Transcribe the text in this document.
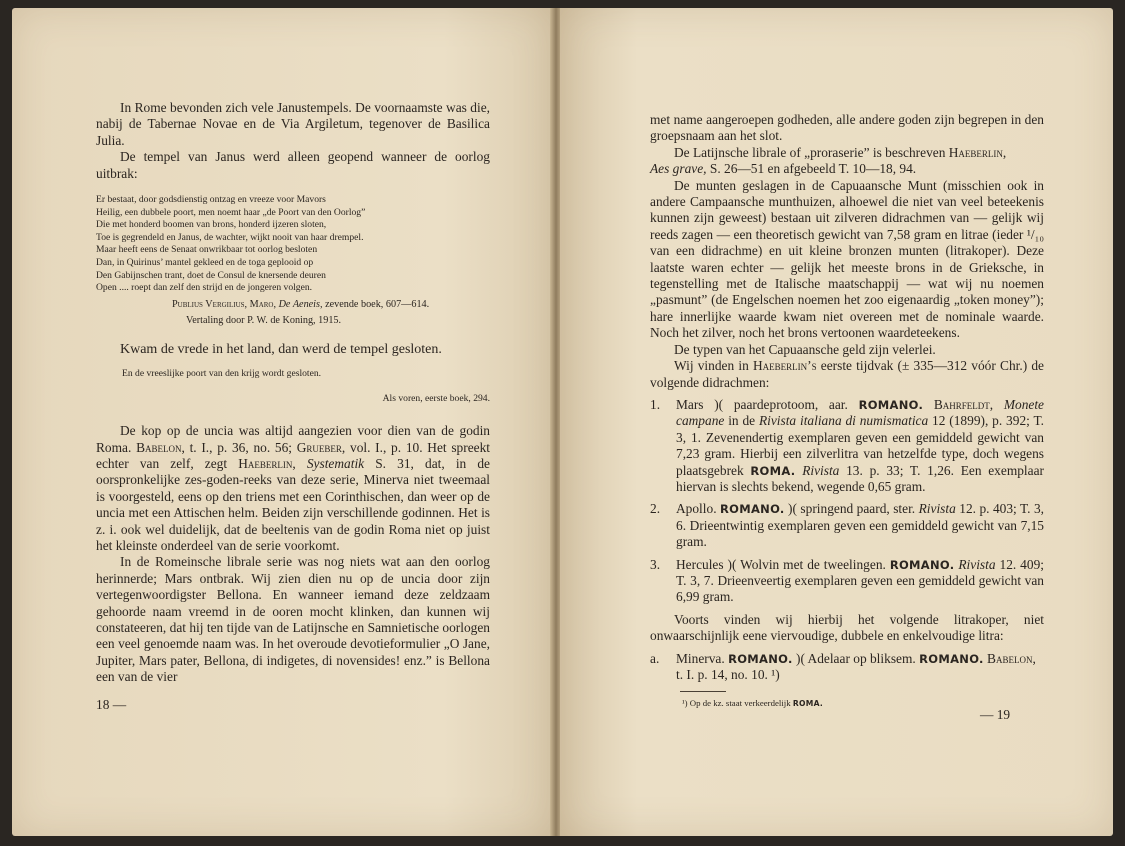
In Rome bevonden zich vele Janustempels. De voornaamste was die, nabij de Tabernae Novae en de Via Argiletum, tegenover de Basilica Julia.

De tempel van Janus werd alleen geopend wanneer de oorlog uitbrak:

Er bestaat, door godsdienstig ontzag en vreeze voor Mavors
Heilig, een dubbele poort, men noemt haar „de Poort van den Oorlog”
Die met honderd boomen van brons, honderd ijzeren sloten,
Toe is gegrendeld en Janus, de wachter, wijkt nooit van haar drempel.
Maar heeft eens de Senaat onwrikbaar tot oorlog besloten
Dan, in Quirinus’ mantel gekleed en de toga geplooid op
Den Gabijnschen trant, doet de Consul de knersende deuren
Open .... roept dan zelf den strijd en de jongeren volgen.
Publius Vergilius, Maro, De Aeneis, zevende boek, 607—614.
Vertaling door P. W. de Koning, 1915.

Kwam de vrede in het land, dan werd de tempel gesloten.

En de vreeslijke poort van den krijg wordt gesloten.
Als voren, eerste boek, 294.

De kop op de uncia was altijd aangezien voor dien van de godin Roma. Babelon, t. I., p. 36, no. 56; Grueber, vol. I., p. 10. Het spreekt echter van zelf, zegt Haeberlin, Systematik S. 31, dat, in de oorspronkelijke zes-goden-reeks van deze serie, Minerva niet tweemaal is voorgesteld, eens op den triens met een Corinthischen, dan weer op de uncia met een Attischen helm. Beiden zijn verschillende godinnen. Het is z. i. ook wel duidelijk, dat de beeltenis van de godin Roma niet op juist het kleinste onderdeel van de serie voorkomt.

In de Romeinsche librale serie was nog niets wat aan den oorlog herinnerde; Mars ontbrak. Wij zien dien nu op de uncia door zijn vertegenwoordigster Bellona. En wanneer iemand deze zeldzaam gehoorde naam vreemd in de ooren mocht klinken, dan kunnen wij constateeren, dat hij ten tijde van de Latijnsche en Samnietische oorlogen een veel genoemde naam was. In het overoude devotieformulier „O Jane, Jupiter, Mars pater, Bellona, di indigetes, di novensides! enz.” is Bellona een van de vier

18 —

met name aangeroepen godheden, alle andere goden zijn begrepen in den groepsnaam aan het slot.

De Latijnsche librale of „proraserie” is beschreven Haeberlin,
Aes grave, S. 26—51 en afgebeeld T. 10—18, 94.

De munten geslagen in de Capuaansche Munt (misschien ook in andere Campaansche munthuizen, alhoewel die niet van veel beteekenis kunnen zijn geweest) bestaan uit zilveren didrachmen van — gelijk wij reeds zagen — een theoretisch gewicht van 7,58 gram en litrae (ieder ¹/₁₀ van een didrachme) en uit kleine bronzen munten (litrakoper). Deze laatste waren echter — gelijk het meeste brons in de Grieksche, in tegenstelling met de Italische maatschappij — wat wij nu noemen „pasmunt” (de Engelschen noemen het zoo eigenaardig „token money”); hare innerlijke waarde kwam niet overeen met de nominale waarde. Noch het zilver, noch het brons vertoonen waardeteekens.

De typen van het Capuaansche geld zijn velerlei.

Wij vinden in Haeberlin’s eerste tijdvak (± 335—312 vóór Chr.) de volgende didrachmen:

1. Mars )( paardeprotoom, aar. ROMANO. Bahrfeldt, Monete campane in de Rivista italiana di numismatica 12 (1899), p. 392; T. 3, 1. Zevenendertig exemplaren geven een gemiddeld gewicht van 7,23 gram. Hierbij een zilverlitra van hetzelfde type, doch wegens plaatsgebrek ROMA. Rivista 13. p. 33; T. 1,26. Een exemplaar hiervan is slechts bekend, wegende 0,65 gram.
2. Apollo. ROMANO. )( springend paard, ster. Rivista 12. p. 403; T. 3, 6. Drieentwintig exemplaren geven een gemiddeld gewicht van 7,15 gram.
3. Hercules )( Wolvin met de tweelingen. ROMANO. Rivista 12. 409; T. 3, 7. Drieenveertig exemplaren geven een gemiddeld gewicht van 6,99 gram.

Voorts vinden wij hierbij het volgende litrakoper, niet onwaarschijnlijk eene viervoudige, dubbele en enkelvoudige litra:

a. Minerva. ROMANO. )( Adelaar op bliksem. ROMANO. Babelon,
t. I. p. 14, no. 10. ¹)
¹) Op de kz. staat verkeerdelijk ROMA.
— 19
